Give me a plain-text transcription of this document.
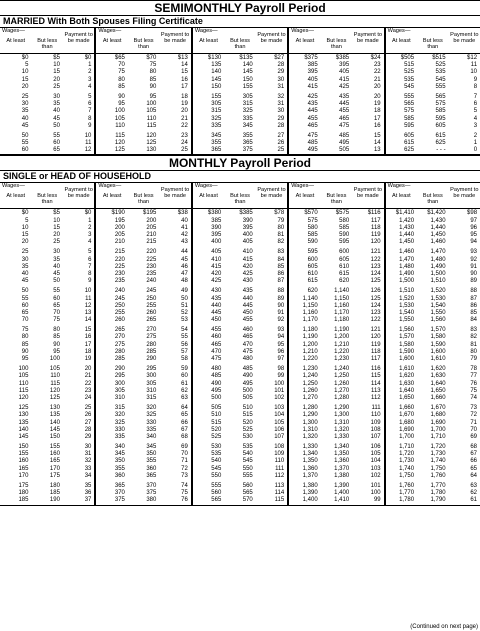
SEMIMONTHLY Payroll Period
MARRIED With Both Spouses Filing Certificate
Wages—
At least	But less than
Payment to be made
$0	$5	$0
5	10	1
10	15	2
15	20	3
20	25	4
25	30	5
30	35	6
35	40	7
40	45	8
45	50	9
50	55	10
55	60	11
60	65	12
Wages—
At least	But less than
Payment to be made
$65	$70	$13
70	75	14
75	80	15
80	85	16
85	90	17
90	95	18
95	100	19
100	105	20
105	110	21
110	115	22
115	120	23
120	125	24
125	130	25
Wages—
At least	But less than
Payment to be made
$130	$135	$27
135	140	28
140	145	29
145	150	30
150	155	31
155	305	32
305	315	31
315	325	30
325	335	29
335	345	28
345	355	27
355	365	26
365	375	25
Wages—
At least	But less than
Payment to be made
$375	$385	$24
385	395	23
395	405	22
405	415	21
415	425	20
425	435	20
435	445	19
445	455	18
455	465	17
465	475	16
475	485	15
485	495	14
495	505	13
Wages—
At least	But less than
Payment to be made
$505	$515	$12
515	525	11
525	535	10
535	545	9
545	555	8
555	565	7
565	575	6
575	585	5
585	595	4
595	605	3
605	615	2
615	625	1
625	- - -	0
MONTHLY Payroll Period
SINGLE or HEAD OF HOUSEHOLD
Wages—
At least	But less than
Payment to be made
$0	$5	$0
5	10	1
10	15	2
15	20	3
20	25	4
25	30	5
30	35	6
35	40	7
40	45	8
45	50	9
50	55	10
55	60	11
60	65	12
65	70	13
70	75	14
75	80	15
80	85	16
85	90	17
90	95	18
95	100	19
100	105	20
105	110	21
110	115	22
115	120	23
120	125	24
125	130	25
130	135	26
135	140	27
140	145	28
145	150	29
150	155	30
155	160	31
160	165	32
165	170	33
170	175	34
175	180	35
180	185	36
185	190	37
Wages—
At least	But less than
Payment to be made
$190	$195	$38
195	200	40
200	205	41
205	210	42
210	215	43
215	220	44
220	225	45
225	230	46
230	235	47
235	240	48
240	245	49
245	250	50
250	255	51
255	260	52
260	265	53
265	270	54
270	275	55
275	280	56
280	285	57
285	290	58
290	295	59
295	300	60
300	305	61
305	310	62
310	315	63
315	320	64
320	325	65
325	330	66
330	335	67
335	340	68
340	345	69
345	350	70
350	355	71
355	360	72
360	365	73
365	370	74
370	375	75
375	380	76
Wages—
At least	But less than
Payment to be made
$380	$385	$78
385	390	79
390	395	80
395	400	81
400	405	82
405	410	83
410	415	84
415	420	85
420	425	86
425	430	87
430	435	88
435	440	89
440	445	90
445	450	91
450	455	92
455	460	93
460	465	94
465	470	95
470	475	96
475	480	97
480	485	98
485	490	99
490	495	100
495	500	101
500	505	102
505	510	103
510	515	104
515	520	105
520	525	106
525	530	107
530	535	108
535	540	109
540	545	110
545	550	111
550	555	112
555	560	113
560	565	114
565	570	115
Wages—
At least	But less than
Payment to be made
$570	$575	$116
575	580	117
580	585	118
585	590	119
590	595	120
595	600	121
600	605	122
605	610	123
610	615	124
615	620	125
620	1,140	126
1,140	1,150	125
1,150	1,160	124
1,160	1,170	123
1,170	1,180	122
1,180	1,190	121
1,190	1,200	120
1,200	1,210	119
1,210	1,220	118
1,220	1,230	117
1,230	1,240	116
1,240	1,250	115
1,250	1,260	114
1,260	1,270	113
1,270	1,280	112
1,280	1,290	111
1,290	1,300	110
1,300	1,310	109
1,310	1,320	108
1,320	1,330	107
1,330	1,340	106
1,340	1,350	105
1,350	1,360	104
1,360	1,370	103
1,370	1,380	102
1,380	1,390	101
1,390	1,400	100
1,400	1,410	99
Wages—
At least	But less than
Payment to be made
$1,410	$1,420	$98
1,420	1,430	97
1,430	1,440	96
1,440	1,450	95
1,450	1,460	94
1,460	1,470	93
1,470	1,480	92
1,480	1,490	91
1,490	1,500	90
1,500	1,510	89
1,510	1,520	88
1,520	1,530	87
1,530	1,540	86
1,540	1,550	85
1,550	1,560	84
1,560	1,570	83
1,570	1,580	82
1,580	1,590	81
1,590	1,600	80
1,600	1,610	79
1,610	1,620	78
1,620	1,630	77
1,630	1,640	76
1,640	1,650	75
1,650	1,660	74
1,660	1,670	73
1,670	1,680	72
1,680	1,690	71
1,690	1,700	70
1,700	1,710	69
1,710	1,720	68
1,720	1,730	67
1,730	1,740	66
1,740	1,750	65
1,750	1,760	64
1,760	1,770	63
1,770	1,780	62
1,780	1,790	61
(Continued on next page)
